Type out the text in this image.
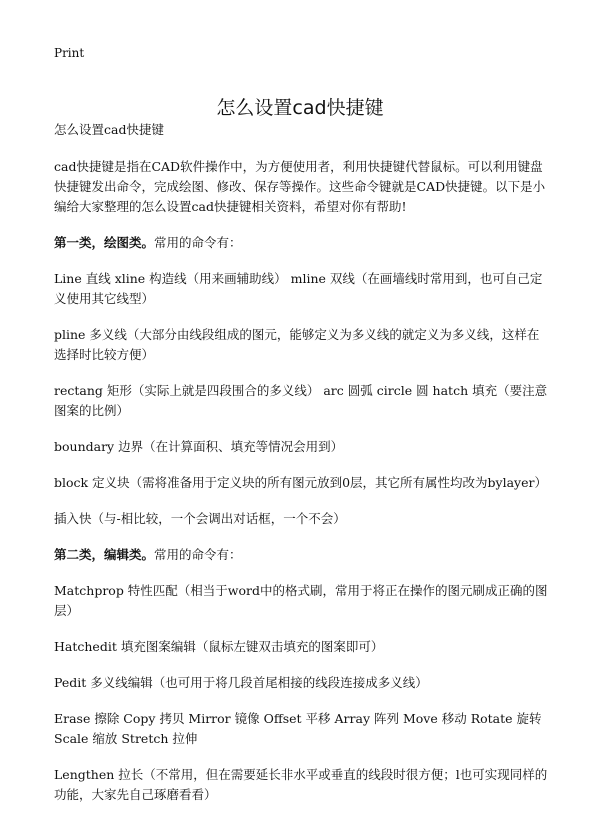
Print
怎么设置cad快捷键

怎么设置cad快捷键

cad快捷键是指在CAD软件操作中，为方便使用者，利用快捷键代替鼠标。可以利用键盘快捷键发出命令，完成绘图、修改、保存等操作。这些命令键就是CAD快捷键。以下是小编给大家整理的怎么设置cad快捷键相关资料，希望对你有帮助!

第一类，绘图类。常用的命令有：

Line 直线 xline 构造线（用来画辅助线） mline 双线（在画墙线时常用到，也可自己定义使用其它线型）

pline 多义线（大部分由线段组成的图元，能够定义为多义线的就定义为多义线，这样在选择时比较方便）

rectang 矩形（实际上就是四段围合的多义线） arc 圆弧 circle 圆 hatch 填充（要注意图案的比例）

boundary 边界（在计算面积、填充等情况会用到）

block 定义块（需将准备用于定义块的所有图元放到0层，其它所有属性均改为bylayer）

插入快（与-相比较，一个会调出对话框，一个不会）

第二类，编辑类。常用的命令有：

Matchprop 特性匹配（相当于word中的格式刷，常用于将正在操作的图元刷成正确的图层）

Hatchedit 填充图案编辑（鼠标左键双击填充的图案即可）

Pedit 多义线编辑（也可用于将几段首尾相接的线段连接成多义线）

Erase 擦除 Copy 拷贝 Mirror 镜像 Offset 平移 Array 阵列 Move 移动 Rotate 旋转 Scale 缩放 Stretch 拉伸

Lengthen 拉长（不常用，但在需要延长非水平或垂直的线段时很方便；l也可实现同样的功能，大家先自己琢磨看看）
